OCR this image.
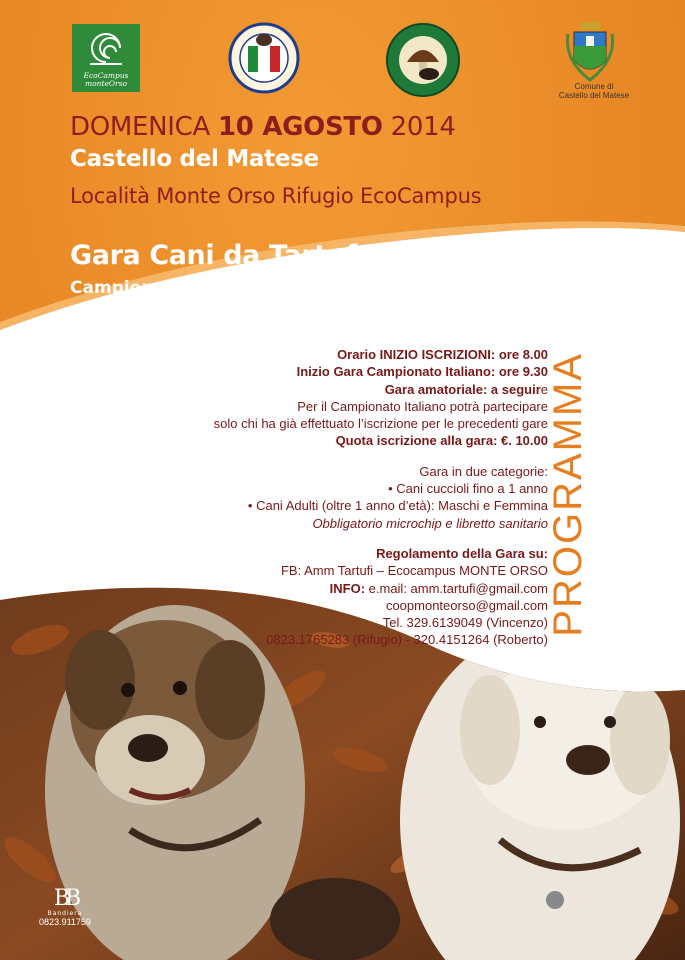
EcoCampus
monteOrso	Comune di
Castello del Matese
DOMENICA 10 AGOSTO 2014
Castello del Matese
Località Monte Orso Rifugio EcoCampus
Gara Cani da Tartufo
Campionato Italiano FNATI
& Gara Amatoriale
Orario INIZIO ISCRIZIONI: ore 8.00
Inizio Gara Campionato Italiano: ore 9.30
Gara amatoriale: a seguire
Per il Campionato Italiano potrà partecipare
solo chi ha già effettuato l’iscrizione per le precedenti gare
Quota iscrizione alla gara: €. 10.00
Gara in due categorie:
• Cani cuccioli fino a 1 anno
• Cani Adulti (oltre 1 anno d’età): Maschi e Femmina
Obbligatorio microchip e libretto sanitario
Regolamento della Gara su:
FB: Amm Tartufi – Ecocampus MONTE ORSO
INFO: e.mail: amm.tartufi@gmail.com
coopmonteorso@gmail.com
Tel. 329.6139049 (Vincenzo)
0823.1765283 (Rifugio) - 320.4151264 (Roberto)
PROGRAMMA
BB
Bandiera
0823.911759
